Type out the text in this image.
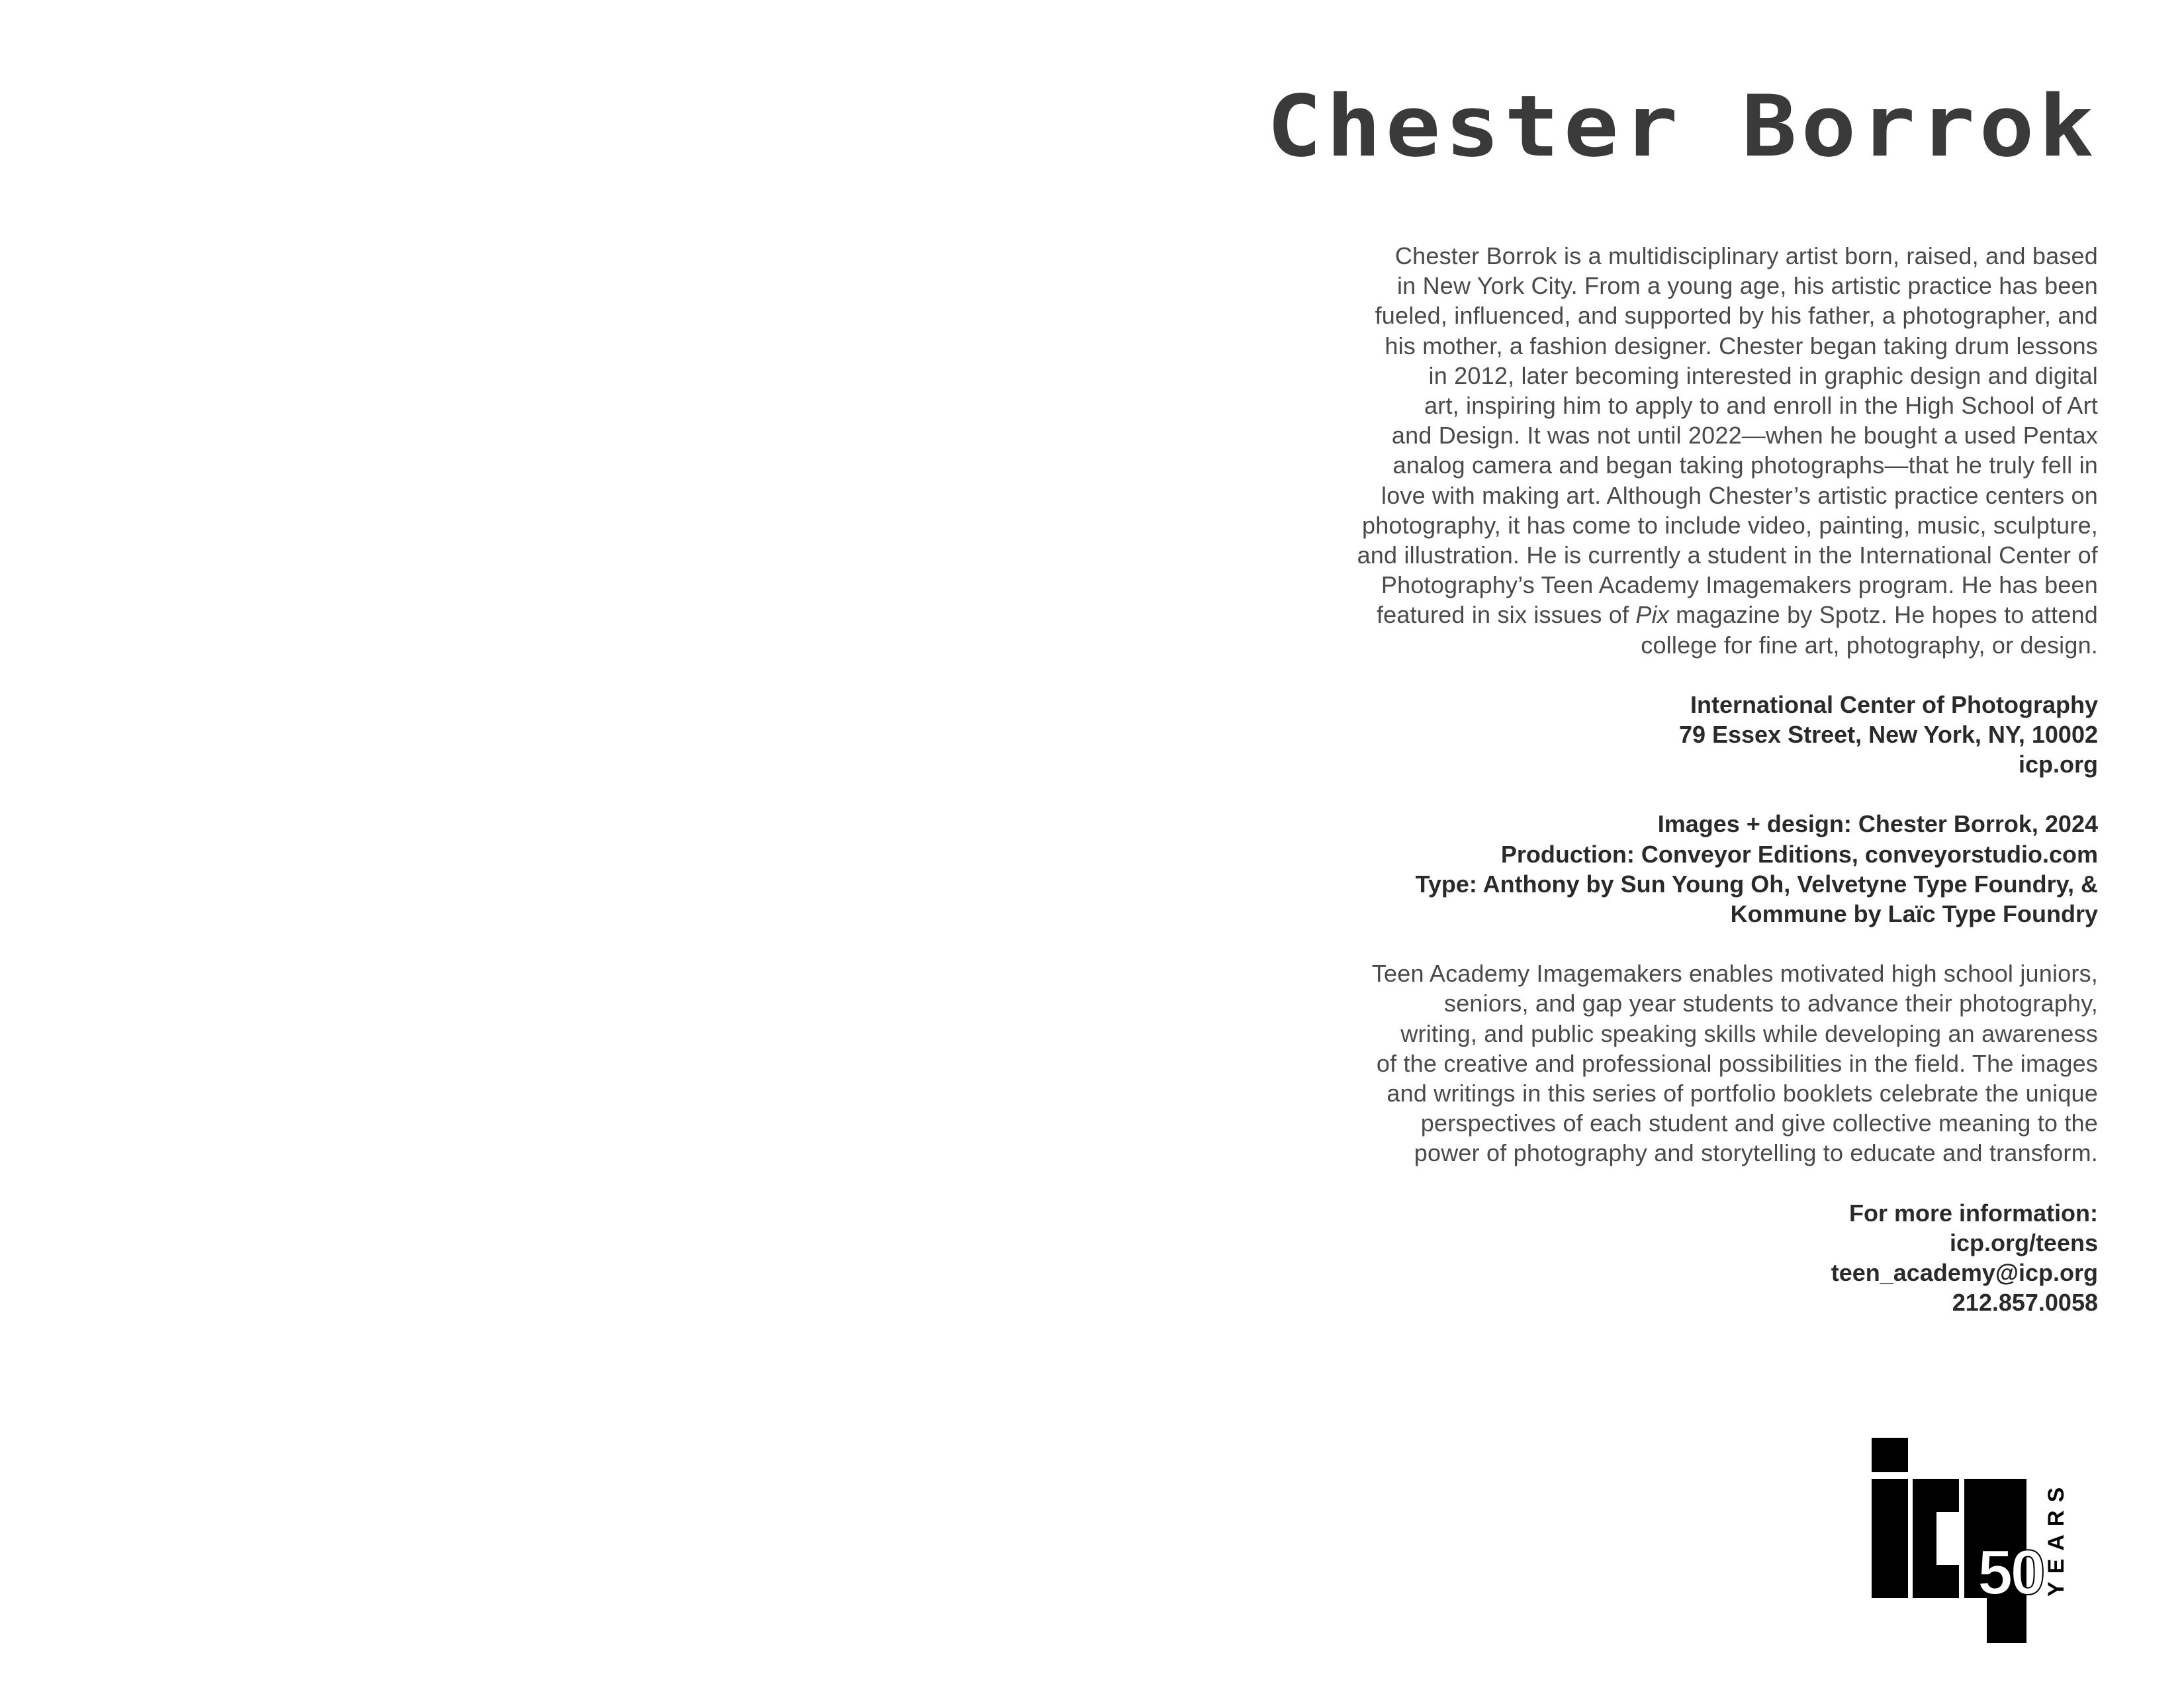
Chester Borrok

Chester Borrok is a multidisciplinary artist born, raised, and based
in New York City. From a young age, his artistic practice has been
fueled, influenced, and supported by his father, a photographer, and
his mother, a fashion designer. Chester began taking drum lessons
in 2012, later becoming interested in graphic design and digital
art, inspiring him to apply to and enroll in the High School of Art
and Design. It was not until 2022—when he bought a used Pentax
analog camera and began taking photographs—that he truly fell in
love with making art. Although Chester’s artistic practice centers on
photography, it has come to include video, painting, music, sculpture,
and illustration. He is currently a student in the International Center of
Photography’s Teen Academy Imagemakers program. He has been
featured in six issues of Pix magazine by Spotz. He hopes to attend
college for fine art, photography, or design.

International Center of Photography
79 Essex Street, New York, NY, 10002
icp.org

Images + design: Chester Borrok, 2024
Production: Conveyor Editions, conveyorstudio.com
Type: Anthony by Sun Young Oh, Velvetyne Type Foundry, &
Kommune by Laïc Type Foundry

Teen Academy Imagemakers enables motivated high school juniors,
seniors, and gap year students to advance their photography,
writing, and public speaking skills while developing an awareness
of the creative and professional possibilities in the field. The images
and writings in this series of portfolio booklets celebrate the unique
perspectives of each student and give collective meaning to the
power of photography and storytelling to educate and transform.

For more information:
icp.org/teens
teen_academy@icp.org
212.857.0058

50 YEARS
